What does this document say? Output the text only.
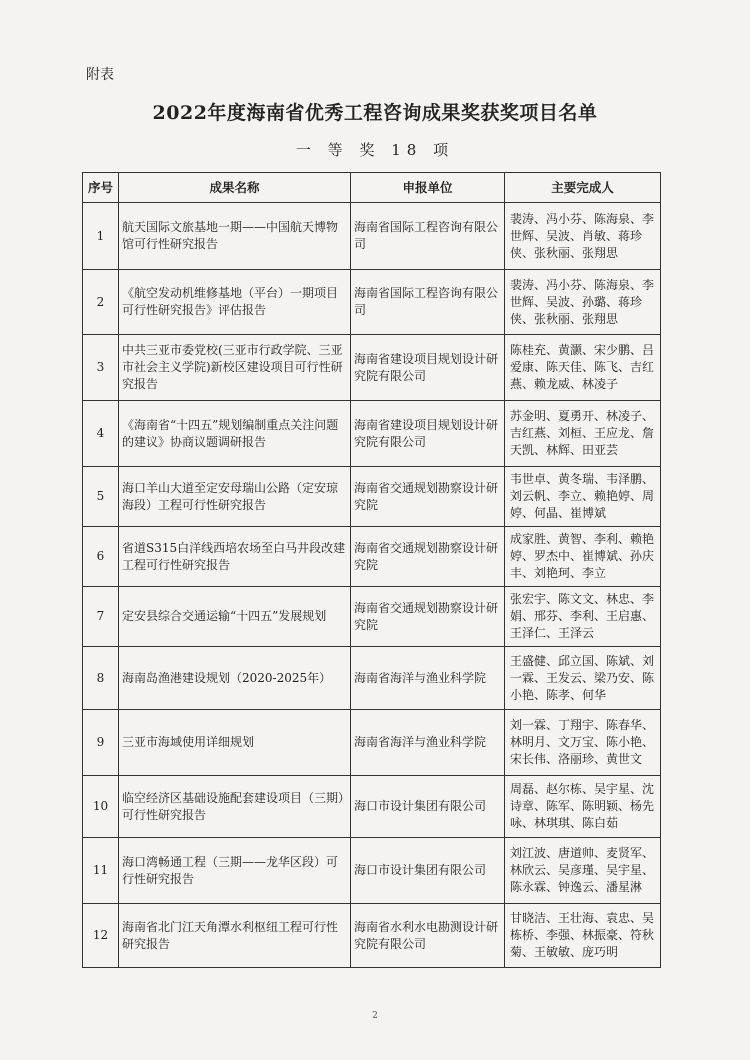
附表
2022年度海南省优秀工程咨询成果奖获奖项目名单
一 等 奖 18 项
序号	成果名称	申报单位	主要完成人
1	航天国际文旅基地一期——中国航天博物馆可行性研究报告	海南省国际工程咨询有限公司	裴涛、冯小芬、陈海泉、李世辉、吴波、肖敏、蒋珍侠、张秋丽、张翔思
2	《航空发动机维修基地（平台）一期项目可行性研究报告》评估报告	海南省国际工程咨询有限公司	裴涛、冯小芬、陈海泉、李世辉、吴波、孙璐、蒋珍侠、张秋丽、张翔思
3	中共三亚市委党校(三亚市行政学院、三亚市社会主义学院)新校区建设项目可行性研究报告	海南省建设项目规划设计研究院有限公司	陈桂充、黄灏、宋少鹏、吕爱康、陈天佳、陈飞、吉红燕、赖龙威、林凌子
4	《海南省“十四五”规划编制重点关注问题的建议》协商议题调研报告	海南省建设项目规划设计研究院有限公司	苏金明、夏勇开、林凌子、吉红燕、刘桓、王应龙、詹天凯、林辉、田亚芸
5	海口羊山大道至定安母瑞山公路（定安琼海段）工程可行性研究报告	海南省交通规划勘察设计研究院	韦世卓、黄冬瑞、韦泽鹏、刘云帆、李立、赖艳婷、周婷、何晶、崔博斌
6	省道S315白洋线西培农场至白马井段改建工程可行性研究报告	海南省交通规划勘察设计研究院	成家胜、黄智、李利、赖艳婷、罗杰中、崔博斌、孙庆丰、刘艳珂、李立
7	定安县综合交通运输“十四五”发展规划	海南省交通规划勘察设计研究院	张宏宇、陈文文、林忠、李娟、邢芬、李利、王启惠、王泽仁、王泽云
8	海南岛渔港建设规划（2020-2025年）	海南省海洋与渔业科学院	王盛健、邱立国、陈斌、刘一霖、王发云、梁乃安、陈小艳、陈孝、何华
9	三亚市海域使用详细规划	海南省海洋与渔业科学院	刘一霖、丁翔宇、陈春华、林明月、文万宝、陈小艳、宋长伟、洛丽珍、黄世文
10	临空经济区基础设施配套建设项目（三期）可行性研究报告	海口市设计集团有限公司	周磊、赵尔栋、吴宇星、沈诗章、陈军、陈明颖、杨先咏、林琪琪、陈白茹
11	海口湾畅通工程（三期——龙华区段）可行性研究报告	海口市设计集团有限公司	刘江波、唐道帅、麦贤军、林欣云、吴彦瑾、吴宇星、陈永霖、钟逸云、潘星淋
12	海南省北门江天角潭水利枢纽工程可行性研究报告	海南省水利水电勘测设计研究院有限公司	甘晓洁、王壮海、袁忠、吴栋桥、李强、林振豪、符秋菊、王敏敏、庞巧明
2
